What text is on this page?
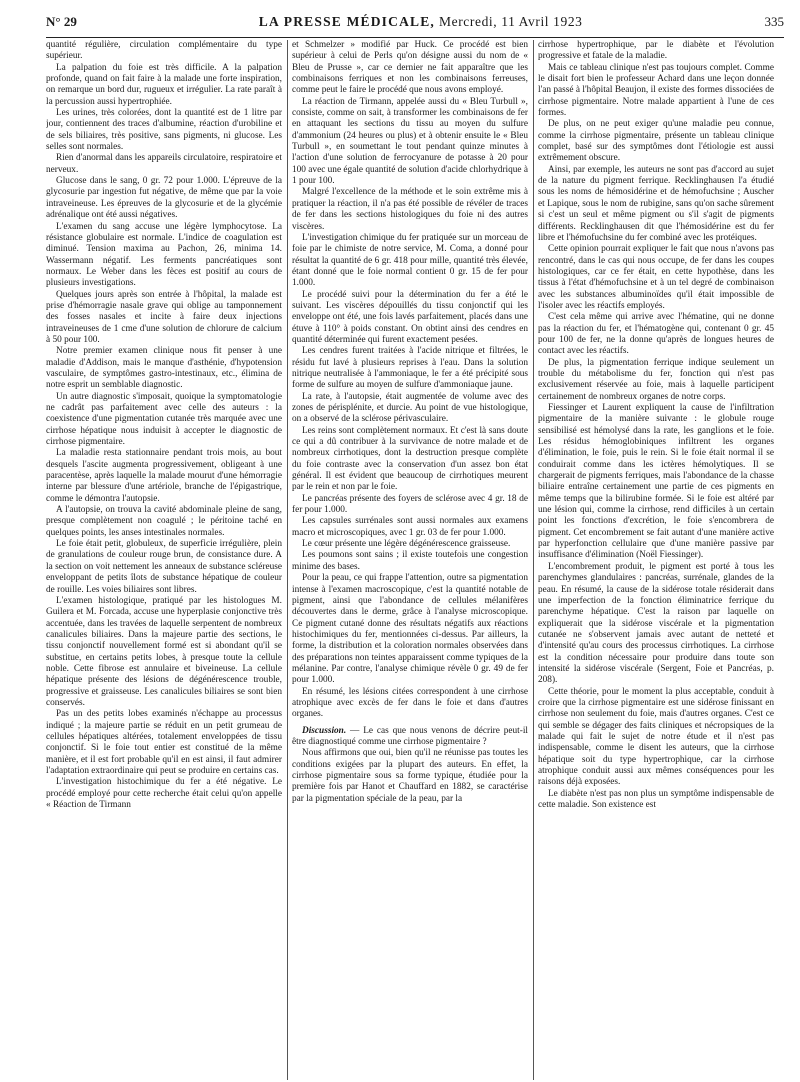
N° 29	LA PRESSE MÉDICALE, Mercredi, 11 Avril 1923	335

quantité régulière, circulation complémentaire du type supérieur.

La palpation du foie est très difficile. A la palpation profonde, quand on fait faire à la malade une forte inspiration, on remarque un bord dur, rugueux et irrégulier. La rate paraît à la percussion aussi hypertrophiée.

Les urines, très colorées, dont la quantité est de 1 litre par jour, contiennent des traces d'albumine, réaction d'urobiline et de sels biliaires, très positive, sans pigments, ni glucose. Les selles sont normales.

Rien d'anormal dans les appareils circulatoire, respiratoire et nerveux.

Glucose dans le sang, 0 gr. 72 pour 1.000. L'épreuve de la glycosurie par ingestion fut négative, de même que par la voie intraveineuse. Les épreuves de la glycosurie et de la glycémie adrénalique ont été aussi négatives.

L'examen du sang accuse une légère lymphocytose. La résistance globulaire est normale. L'indice de coagulation est diminué. Tension maxima au Pachon, 26, minima 14. Wassermann négatif. Les ferments pancréatiques sont normaux. Le Weber dans les fèces est positif au cours de plusieurs investigations.

Quelques jours après son entrée à l'hôpital, la malade est prise d'hémorragie nasale grave qui oblige au tamponnement des fosses nasales et incite à faire deux injections intraveineuses de 1 cme d'une solution de chlorure de calcium à 50 pour 100.

Notre premier examen clinique nous fit penser à une maladie d'Addison, mais le manque d'asthénie, d'hypotension vasculaire, de symptômes gastro-intestinaux, etc., élimina de notre esprit un semblable diagnostic.

Un autre diagnostic s'imposait, quoique la symptomatologie ne cadrât pas parfaitement avec celle des auteurs : la coexistence d'une pigmentation cutanée très marquée avec une cirrhose hépatique nous induisit à accepter le diagnostic de cirrhose pigmentaire.

La maladie resta stationnaire pendant trois mois, au bout desquels l'ascite augmenta progressivement, obligeant à une paracentèse, après laquelle la malade mourut d'une hémorragie interne par blessure d'une artériole, branche de l'épigastrique, comme le démontra l'autopsie.

A l'autopsie, on trouva la cavité abdominale pleine de sang, presque complètement non coagulé ; le péritoine taché en quelques points, les anses intestinales normales.

Le foie était petit, globuleux, de superficie irrégulière, plein de granulations de couleur rouge brun, de consistance dure. A la section on voit nettement les anneaux de substance scléreuse enveloppant de petits îlots de substance hépatique de couleur de rouille. Les voies biliaires sont libres.

L'examen histologique, pratiqué par les histologues M. Guilera et M. Forcada, accuse une hyperplasie conjonctive très accentuée, dans les travées de laquelle serpentent de nombreux canalicules biliaires. Dans la majeure partie des sections, le tissu conjonctif nouvellement formé est si abondant qu'il se substitue, en certains petits lobes, à presque toute la cellule noble. Cette fibrose est annulaire et biveineuse. La cellule hépatique présente des lésions de dégénérescence trouble, progressive et graisseuse. Les canalicules biliaires se sont bien conservés.

Pas un des petits lobes examinés n'échappe au processus indiqué ; la majeure partie se réduit en un petit grumeau de cellules hépatiques altérées, totalement enveloppées de tissu conjonctif. Si le foie tout entier est constitué de la même manière, et il est fort probable qu'il en est ainsi, il faut admirer l'adaptation extraordinaire qui peut se produire en certains cas.

L'investigation histochimique du fer a été négative. Le procédé employé pour cette recherche était celui qu'on appelle « Réaction de Tirmann

et Schmelzer » modifié par Huck. Ce procédé est bien supérieur à celui de Perls qu'on désigne aussi du nom de « Bleu de Prusse », car ce dernier ne fait apparaître que les combinaisons ferriques et non les combinaisons ferreuses, comme peut le faire le procédé que nous avons employé.

La réaction de Tirmann, appelée aussi du « Bleu Turbull », consiste, comme on sait, à transformer les combinaisons de fer en attaquant les sections du tissu au moyen du sulfure d'ammonium (24 heures ou plus) et à obtenir ensuite le « Bleu Turbull », en soumettant le tout pendant quinze minutes à l'action d'une solution de ferrocyanure de potasse à 20 pour 100 avec une égale quantité de solution d'acide chlorhydrique à 1 pour 100.

Malgré l'excellence de la méthode et le soin extrême mis à pratiquer la réaction, il n'a pas été possible de révéler de traces de fer dans les sections histologiques du foie ni des autres viscères.

L'investigation chimique du fer pratiquée sur un morceau de foie par le chimiste de notre service, M. Coma, a donné pour résultat la quantité de 6 gr. 418 pour mille, quantité très élevée, étant donné que le foie normal contient 0 gr. 15 de fer pour 1.000.

Le procédé suivi pour la détermination du fer a été le suivant. Les viscères dépouillés du tissu conjonctif qui les enveloppe ont été, une fois lavés parfaitement, placés dans une étuve à 110° à poids constant. On obtint ainsi des cendres en quantité déterminée qui furent exactement pesées.

Les cendres furent traitées à l'acide nitrique et filtrées, le résidu fut lavé à plusieurs reprises à l'eau. Dans la solution nitrique neutralisée à l'ammoniaque, le fer a été précipité sous forme de sulfure au moyen de sulfure d'ammoniaque jaune.

La rate, à l'autopsie, était augmentée de volume avec des zones de périsplénite, et durcie. Au point de vue histologique, on a observé de la sclérose périvasculaire.

Les reins sont complètement normaux. Et c'est là sans doute ce qui a dû contribuer à la survivance de notre malade et de nombreux cirrhotiques, dont la destruction presque complète du foie contraste avec la conservation d'un assez bon état général. Il est évident que beaucoup de cirrhotiques meurent par le rein et non par le foie.

Le pancréas présente des foyers de sclérose avec 4 gr. 18 de fer pour 1.000.

Les capsules surrénales sont aussi normales aux examens macro et microscopiques, avec 1 gr. 03 de fer pour 1.000.

Le cœur présente une légère dégénérescence graisseuse.

Les poumons sont sains ; il existe toutefois une congestion minime des bases.

Pour la peau, ce qui frappe l'attention, outre sa pigmentation intense à l'examen macroscopique, c'est la quantité notable de pigment, ainsi que l'abondance de cellules mélanifères découvertes dans le derme, grâce à l'analyse microscopique. Ce pigment cutané donne des résultats négatifs aux réactions histochimiques du fer, mentionnées ci-dessus. Par ailleurs, la forme, la distribution et la coloration normales observées dans des préparations non teintes apparaissent comme typiques de la mélanine. Par contre, l'analyse chimique révèle 0 gr. 49 de fer pour 1.000.

En résumé, les lésions citées correspondent à une cirrhose atrophique avec excès de fer dans le foie et dans d'autres organes.

Discussion. — Le cas que nous venons de décrire peut-il être diagnostiqué comme une cirrhose pigmentaire ?

Nous affirmons que oui, bien qu'il ne réunisse pas toutes les conditions exigées par la plupart des auteurs. En effet, la cirrhose pigmentaire sous sa forme typique, étudiée pour la première fois par Hanot et Chauffard en 1882, se caractérise par la pigmentation spéciale de la peau, par la

cirrhose hypertrophique, par le diabète et l'évolution progressive et fatale de la maladie.

Mais ce tableau clinique n'est pas toujours complet. Comme le disait fort bien le professeur Achard dans une leçon donnée l'an passé à l'hôpital Beaujon, il existe des formes dissociées de cirrhose pigmentaire. Notre malade appartient à l'une de ces formes.

De plus, on ne peut exiger qu'une maladie peu connue, comme la cirrhose pigmentaire, présente un tableau clinique complet, basé sur des symptômes dont l'étiologie est aussi extrêmement obscure.

Ainsi, par exemple, les auteurs ne sont pas d'accord au sujet de la nature du pigment ferrique. Recklinghausen l'a étudié sous les noms de hémosidérine et de hémofuchsine ; Auscher et Lapique, sous le nom de rubigine, sans qu'on sache sûrement si c'est un seul et même pigment ou s'il s'agit de pigments différents. Recklinghausen dit que l'hémosidérine est du fer libre et l'hémofuchsine du fer combiné avec les protéiques.

Cette opinion pourrait expliquer le fait que nous n'avons pas rencontré, dans le cas qui nous occupe, de fer dans les coupes histologiques, car ce fer était, en cette hypothèse, dans les tissus à l'état d'hémofuchsine et à un tel degré de combinaison avec les substances albuminoïdes qu'il était impossible de l'isoler avec les réactifs employés.

C'est cela même qui arrive avec l'hématine, qui ne donne pas la réaction du fer, et l'hématogène qui, contenant 0 gr. 45 pour 100 de fer, ne la donne qu'après de longues heures de contact avec les réactifs.

De plus, la pigmentation ferrique indique seulement un trouble du métabolisme du fer, fonction qui n'est pas exclusivement réservée au foie, mais à laquelle participent certainement de nombreux organes de notre corps.

Fiessinger et Laurent expliquent la cause de l'infiltration pigmentaire de la manière suivante : le globule rouge sensibilisé est hémolysé dans la rate, les ganglions et le foie. Les résidus hémoglobiniques infiltrent les organes d'élimination, le foie, puis le rein. Si le foie était normal il se conduirait comme dans les ictères hémolytiques. Il se chargerait de pigments ferriques, mais l'abondance de la chasse biliaire entraîne certainement une partie de ces pigments en même temps que la bilirubine formée. Si le foie est altéré par une lésion qui, comme la cirrhose, rend difficiles à un certain point les fonctions d'excrétion, le foie s'encombrera de pigment. Cet encombrement se fait autant d'une manière active par hyperfonction cellulaire que d'une manière passive par insuffisance d'élimination (Noël Fiessinger).

L'encombrement produit, le pigment est porté à tous les parenchymes glandulaires : pancréas, surrénale, glandes de la peau. En résumé, la cause de la sidérose totale résiderait dans une imperfection de la fonction éliminatrice ferrique du parenchyme hépatique. C'est la raison par laquelle on expliquerait que la sidérose viscérale et la pigmentation cutanée ne s'observent jamais avec autant de netteté et d'intensité qu'au cours des processus cirrhotiques. La cirrhose est la condition nécessaire pour produire dans toute son intensité la sidérose viscérale (Sergent, Foie et Pancréas, p. 208).

Cette théorie, pour le moment la plus acceptable, conduit à croire que la cirrhose pigmentaire est une sidérose finissant en cirrhose non seulement du foie, mais d'autres organes. C'est ce qui semble se dégager des faits cliniques et nécropsiques de la malade qui fait le sujet de notre étude et il n'est pas indispensable, comme le disent les auteurs, que la cirrhose hépatique soit du type hypertrophique, car la cirrhose atrophique conduit aussi aux mêmes conséquences pour les raisons déjà exposées.

Le diabète n'est pas non plus un symptôme indispensable de cette maladie. Son existence est
